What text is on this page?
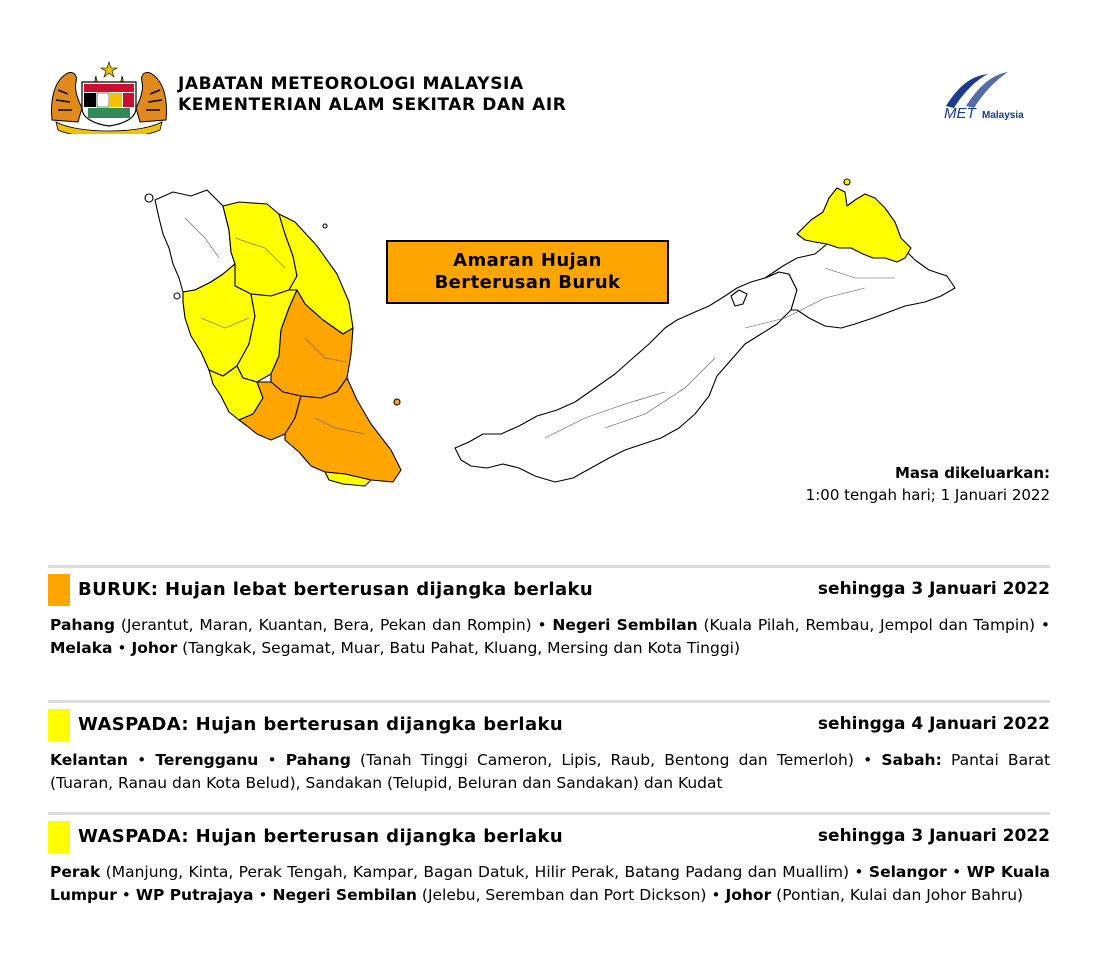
JABATAN METEOROLOGI MALAYSIA
KEMENTERIAN ALAM SEKITAR DAN AIR	MET Malaysia
Amaran Hujan
Berterusan Buruk
Masa dikeluarkan:
1:00 tengah hari; 1 Januari 2022
BURUK: Hujan lebat berterusan dijangka berlaku	sehingga 3 Januari 2022
Pahang (Jerantut, Maran, Kuantan, Bera, Pekan dan Rompin) • Negeri Sembilan (Kuala Pilah, Rembau, Jempol dan Tampin) • Melaka • Johor (Tangkak, Segamat, Muar, Batu Pahat, Kluang, Mersing dan Kota Tinggi)
WASPADA: Hujan berterusan dijangka berlaku	sehingga 4 Januari 2022
Kelantan • Terengganu • Pahang (Tanah Tinggi Cameron, Lipis, Raub, Bentong dan Temerloh) • Sabah: Pantai Barat (Tuaran, Ranau dan Kota Belud), Sandakan (Telupid, Beluran dan Sandakan) dan Kudat
WASPADA: Hujan berterusan dijangka berlaku	sehingga 3 Januari 2022
Perak (Manjung, Kinta, Perak Tengah, Kampar, Bagan Datuk, Hilir Perak, Batang Padang dan Muallim) • Selangor • WP Kuala Lumpur • WP Putrajaya • Negeri Sembilan (Jelebu, Seremban dan Port Dickson) • Johor (Pontian, Kulai dan Johor Bahru)
